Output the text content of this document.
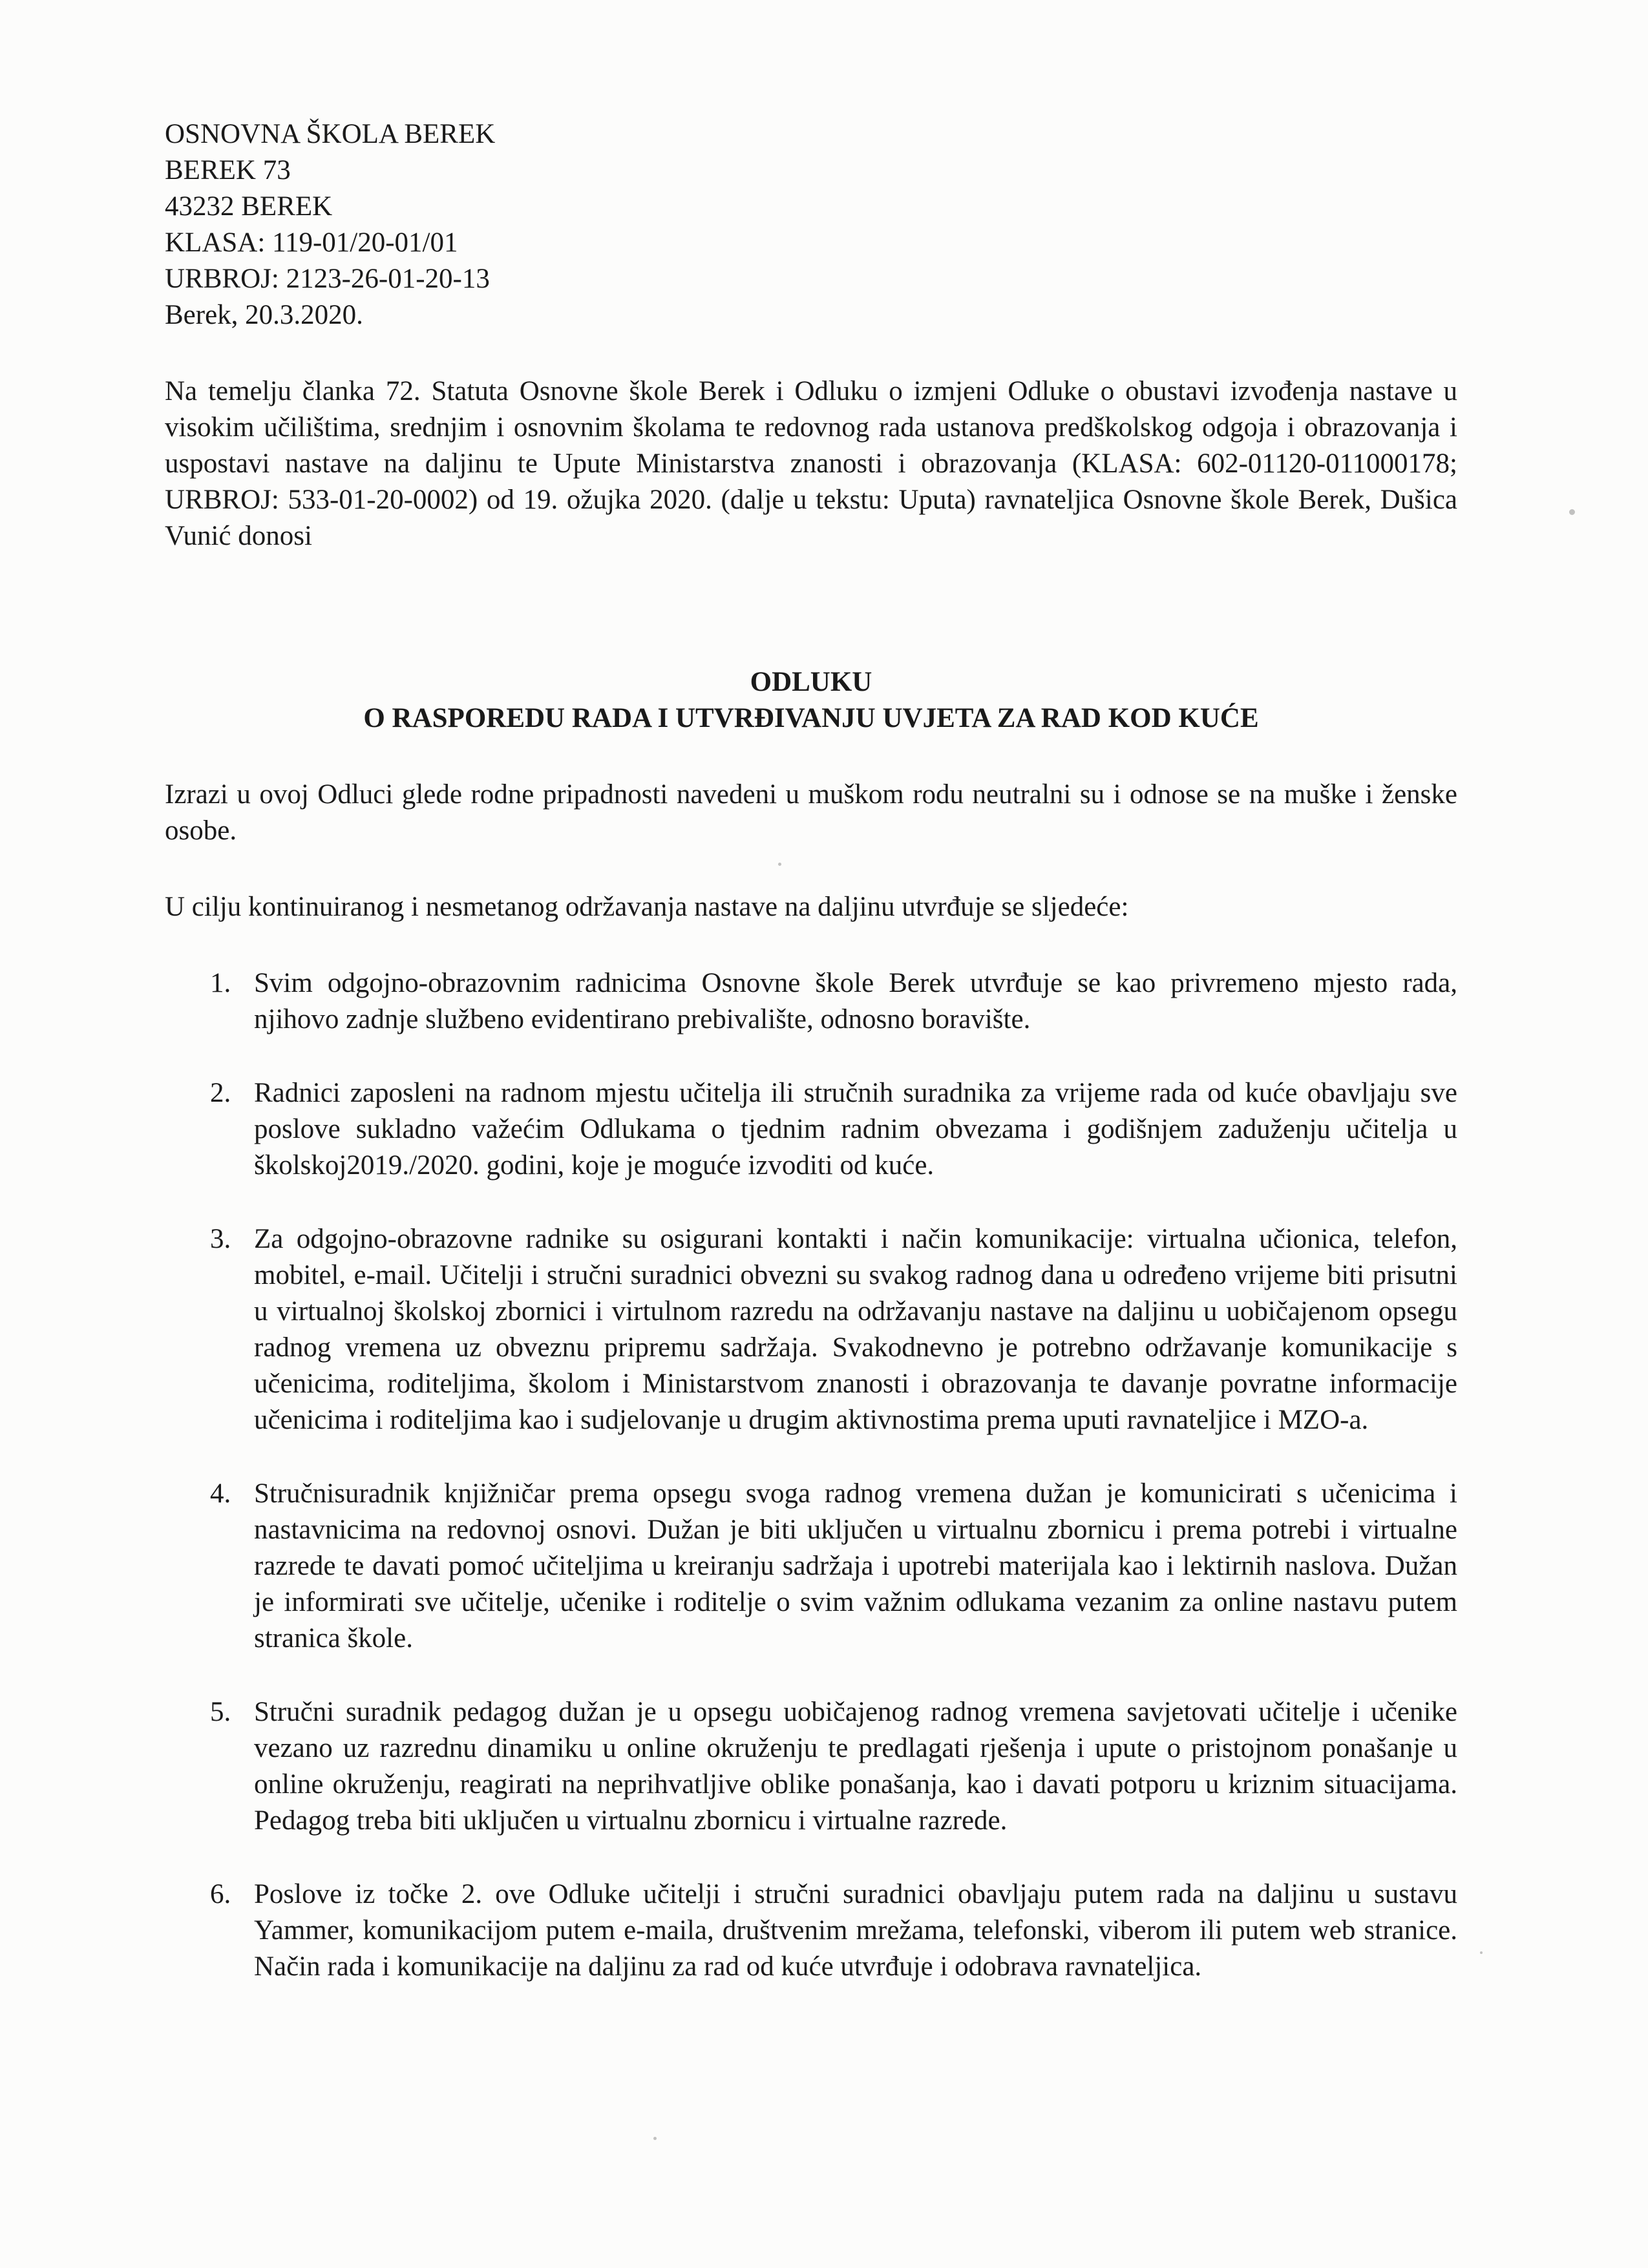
OSNOVNA ŠKOLA BEREK
BEREK 73
43232 BEREK
KLASA: 119-01/20-01/01
URBROJ: 2123-26-01-20-13
Berek, 20.3.2020.
Na temelju članka 72. Statuta Osnovne škole Berek i Odluku o izmjeni Odluke o obustavi izvođenja nastave u visokim učilištima, srednjim i osnovnim školama te redovnog rada ustanova predškolskog odgoja i obrazovanja i uspostavi nastave na daljinu te Upute Ministarstva znanosti i obrazovanja (KLASA: 602-01120-011000178; URBROJ: 533-01-20-0002) od 19. ožujka 2020. (dalje u tekstu: Uputa) ravnateljica Osnovne škole Berek, Dušica Vunić donosi
ODLUKU
O RASPOREDU RADA I UTVRĐIVANJU UVJETA ZA RAD KOD KUĆE
Izrazi u ovoj Odluci glede rodne pripadnosti navedeni u muškom rodu neutralni su i odnose se na muške i ženske osobe.
U cilju kontinuiranog i nesmetanog održavanja nastave na daljinu utvrđuje se sljedeće:
1. Svim odgojno-obrazovnim radnicima Osnovne škole Berek utvrđuje se kao privremeno mjesto rada, njihovo zadnje službeno evidentirano prebivalište, odnosno boravište.
2. Radnici zaposleni na radnom mjestu učitelja ili stručnih suradnika za vrijeme rada od kuće obavljaju sve poslove sukladno važećim Odlukama o tjednim radnim obvezama i godišnjem zaduženju učitelja u školskoj2019./2020. godini, koje je moguće izvoditi od kuće.
3. Za odgojno-obrazovne radnike su osigurani kontakti i način komunikacije: virtualna učionica, telefon, mobitel, e-mail. Učitelji i stručni suradnici obvezni su svakog radnog dana u određeno vrijeme biti prisutni u virtualnoj školskoj zbornici i virtulnom razredu na održavanju nastave na daljinu u uobičajenom opsegu radnog vremena uz obveznu pripremu sadržaja. Svakodnevno je potrebno održavanje komunikacije s učenicima, roditeljima, školom i Ministarstvom znanosti i obrazovanja te davanje povratne informacije učenicima i roditeljima kao i sudjelovanje u drugim aktivnostima prema uputi ravnateljice i MZO-a.
4. Stručnisuradnik knjižničar prema opsegu svoga radnog vremena dužan je komunicirati s učenicima i nastavnicima na redovnoj osnovi. Dužan je biti uključen u virtualnu zbornicu i prema potrebi i virtualne razrede te davati pomoć učiteljima u kreiranju sadržaja i upotrebi materijala kao i lektirnih naslova. Dužan je informirati sve učitelje, učenike i roditelje o svim važnim odlukama vezanim za online nastavu putem stranica škole.
5. Stručni suradnik pedagog dužan je u opsegu uobičajenog radnog vremena savjetovati učitelje i učenike vezano uz razrednu dinamiku u online okruženju te predlagati rješenja i upute o pristojnom ponašanje u online okruženju, reagirati na neprihvatljive oblike ponašanja, kao i davati potporu u kriznim situacijama. Pedagog treba biti uključen u virtualnu zbornicu i virtualne razrede.
6. Poslove iz točke 2. ove Odluke učitelji i stručni suradnici obavljaju putem rada na daljinu u sustavu Yammer, komunikacijom putem e-maila, društvenim mrežama, telefonski, viberom ili putem web stranice. Način rada i komunikacije na daljinu za rad od kuće utvrđuje i odobrava ravnateljica.
